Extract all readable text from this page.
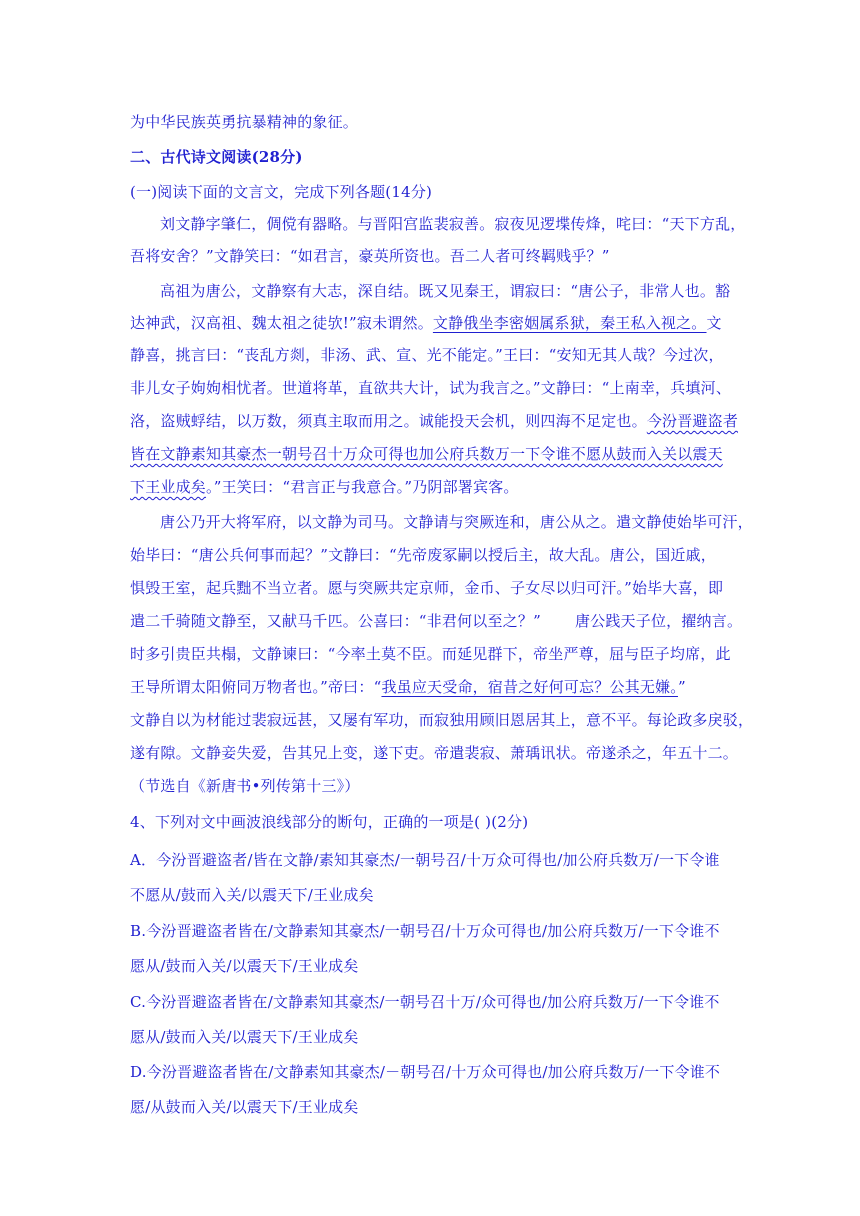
为中华民族英勇抗暴精神的象征。
二、古代诗文阅读(28分)
(一)阅读下面的文言文，完成下列各题(14分)
刘文静字肇仁，倜傥有器略。与晋阳宫监裴寂善。寂夜见逻堞传烽，咤曰：“天下方乱，
吾将安舍？”文静笑曰：“如君言，豪英所资也。吾二人者可终羁贱乎？”
高祖为唐公，文静察有大志，深自结。既又见秦王，谓寂曰：“唐公子，非常人也。豁
达神武，汉高祖、魏太祖之徒欤!”寂未谓然。文静俄坐李密姻属系狱，秦王私入视之。文
静喜，挑言曰：“丧乱方剡，非汤、武、宣、光不能定。”王曰：“安知无其人哉？今过次，
非儿女子姁姁相忧者。世道将革，直欲共大计，试为我言之。”文静曰：“上南幸，兵填河、
洛，盗贼蜉结，以万数，须真主取而用之。诚能投天会机，则四海不足定也。今汾晋避盗者
皆在文静素知其豪杰一朝号召十万众可得也加公府兵数万一下令谁不愿从鼓而入关以震天
下王业成矣。”王笑曰：“君言正与我意合。”乃阴部署宾客。
唐公乃开大将军府，以文静为司马。文静请与突厥连和，唐公从之。遣文静使始毕可汗，
始毕曰：“唐公兵何事而起？”文静曰：“先帝废冢嗣以授后主，故大乱。唐公，国近戚，
惧毁王室，起兵黜不当立者。愿与突厥共定京师，金币、子女尽以归可汗。”始毕大喜，即
遣二千骑随文静至，又献马千匹。公喜曰：“非君何以至之？” 唐公践天子位，擢纳言。
时多引贵臣共榻，文静谏曰：“今率土莫不臣。而延见群下，帝坐严尊，屈与臣子均席，此
王导所谓太阳俯同万物者也。”帝曰：“我虽应天受命，宿昔之好何可忘？公其无嫌。”
文静自以为材能过裴寂远甚，又屡有军功，而寂独用顾旧恩居其上，意不平。每论政多戾驳，
遂有隙。文静妾失爱，告其兄上变，遂下吏。帝遣裴寂、萧瑀讯状。帝遂杀之，年五十二。
（节选自《新唐书•列传第十三》）
4、下列对文中画波浪线部分的断句，正确的一项是( )(2分)
A．今汾晋避盗者/皆在文静/素知其豪杰/一朝号召/十万众可得也/加公府兵数万/一下令谁
不愿从/鼓而入关/以震天下/王业成矣
B.今汾晋避盗者皆在/文静素知其豪杰/一朝号召/十万众可得也/加公府兵数万/一下令谁不
愿从/鼓而入关/以震天下/王业成矣
C.今汾晋避盗者皆在/文静素知其豪杰/一朝号召十万/众可得也/加公府兵数万/一下令谁不
愿从/鼓而入关/以震天下/王业成矣
D.今汾晋避盗者皆在/文静素知其豪杰/－朝号召/十万众可得也/加公府兵数万/一下令谁不
愿/从鼓而入关/以震天下/王业成矣
